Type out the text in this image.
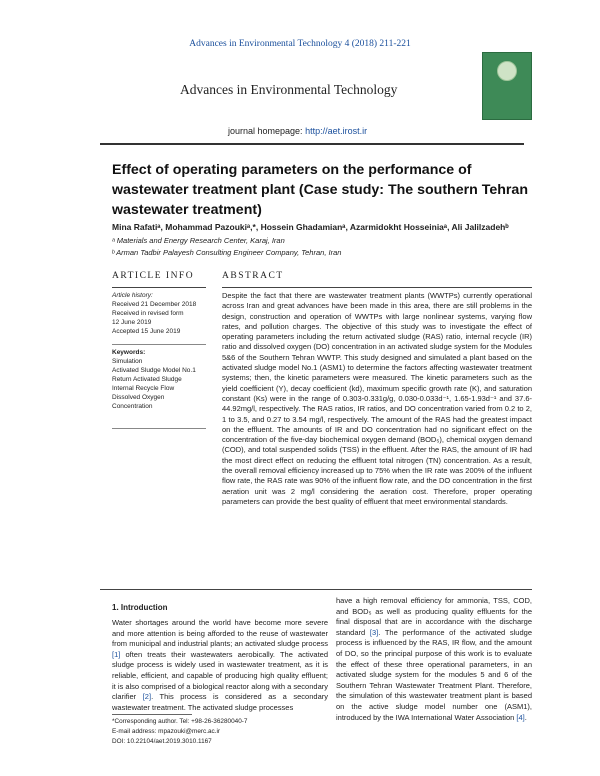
Advances in Environmental Technology 4 (2018) 211-221
Advances in Environmental Technology
journal homepage: http://aet.irost.ir
Effect of operating parameters on the performance of wastewater treatment plant (Case study: The southern Tehran wastewater treatment)
Mina Rafatiᵃ, Mohammad Pazoukiᵃ,*, Hossein Ghadamianᵃ, Azarmidokht Hosseiniaᵃ, Ali Jalilzadehᵇ
ᵃ Materials and Energy Research Center, Karaj, Iran
ᵇ Arman Tadbir Palayesh Consulting Engineer Company, Tehran, Iran
ARTICLE INFO	ABSTRACT
Article history:
Received 21 December 2018
Received in revised form
12 June 2019
Accepted 15 June 2019
Keywords:
Simulation
Activated Sludge Model No.1
Return Activated Sludge
Internal Recycle Flow
Dissolved Oxygen
Concentration
Despite the fact that there are wastewater treatment plants (WWTPs) currently operational across Iran and great advances have been made in this area, there are still problems in the design, construction and operation of WWTPs with large nonlinear systems, varying flow rates, and pollution charges. The objective of this study was to investigate the effect of operating parameters including the return activated sludge (RAS) ratio, internal recycle (IR) ratio and dissolved oxygen (DO) concentration in an activated sludge system for the Modules 5&6 of the Southern Tehran WWTP. This study designed and simulated a plant based on the activated sludge model No.1 (ASM1) to determine the factors affecting wastewater treatment systems; then, the kinetic parameters were measured. The kinetic parameters such as the yield coefficient (Y), decay coefficient (kd), maximum specific growth rate (K), and saturation constant (Ks) were in the range of 0.303-0.331g/g, 0.030-0.033d⁻¹, 1.65-1.93d⁻¹ and 37.6-44.92mg/l, respectively. The RAS ratios, IR ratios, and DO concentration varied from 0.2 to 2, 1 to 3.5, and 0.27 to 3.54 mg/l, respectively. The amount of the RAS had the greatest impact on the effluent. The amounts of IR and DO concentration had no significant effect on the concentration of the five-day biochemical oxygen demand (BOD₅), chemical oxygen demand (COD), and total suspended solids (TSS) in the effluent. After the RAS, the amount of IR had the most direct effect on reducing the effluent total nitrogen (TN) concentration. As a result, the overall removal efficiency increased up to 75% when the IR rate was 200% of the influent flow rate, the RAS rate was 90% of the influent flow rate, and the DO concentration in the first aeration unit was 2 mg/l considering the aeration cost. Therefore, proper operating parameters can provide the best quality of effluent that meet environmental standards.
1. Introduction
Water shortages around the world have become more severe and more attention is being afforded to the reuse of wastewater from municipal and industrial plants; an activated sludge process [1] often treats their wastewaters aerobically. The activated sludge process is widely used in wastewater treatment, as it is reliable, efficient, and capable of producing high quality effluent; it is also comprised of a biological reactor along with a secondary clarifier [2]. This process is considered as a secondary wastewater treatment. The activated sludge processes
have a high removal efficiency for ammonia, TSS, COD, and BOD₅ as well as producing quality effluents for the final disposal that are in accordance with the discharge standard [3]. The performance of the activated sludge process is influenced by the RAS, IR flow, and the amount of DO, so the principal purpose of this work is to evaluate the effect of these three operational parameters, in an activated sludge system for the modules 5 and 6 of the Southern Tehran Wastewater Treatment Plant. Therefore, the simulation of this wastewater treatment plant is based on the active sludge model number one (ASM1), introduced by the IWA International Water Association [4].
*Corresponding author. Tel: +98-26-36280040-7
E-mail address: mpazouki@merc.ac.ir
DOI: 10.22104/aet.2019.3010.1167
